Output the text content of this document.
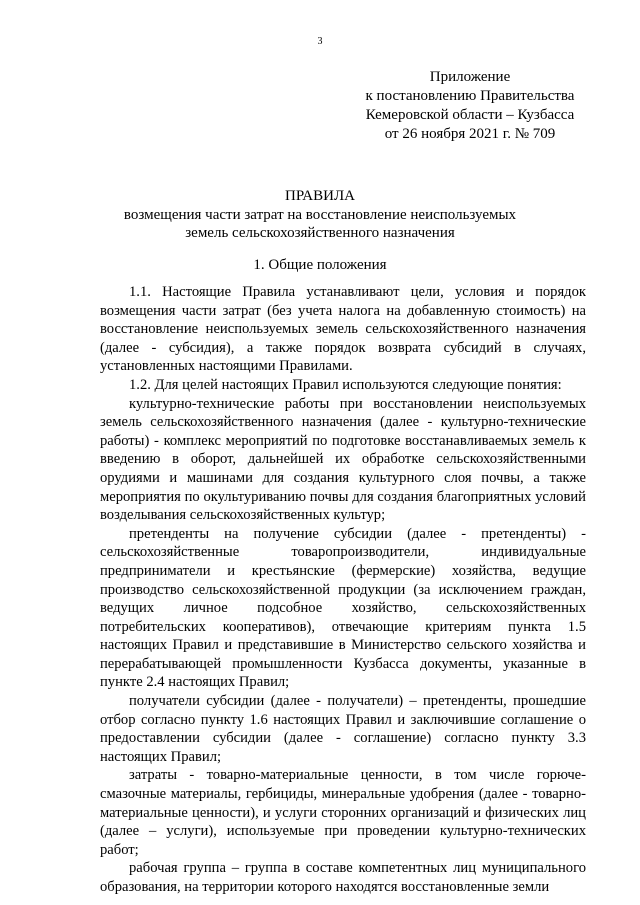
3
Приложение
к постановлению Правительства
Кемеровской области – Кузбасса
от 26 ноября 2021 г. № 709
ПРАВИЛА
возмещения части затрат на восстановление неиспользуемых
земель сельскохозяйственного назначения
1. Общие положения

1.1. Настоящие Правила устанавливают цели, условия и порядок возмещения части затрат (без учета налога на добавленную стоимость) на восстановление неиспользуемых земель сельскохозяйственного назначения (далее - субсидия), а также порядок возврата субсидий в случаях, установленных настоящими Правилами.

1.2. Для целей настоящих Правил используются следующие понятия:

культурно-технические работы при восстановлении неиспользуемых земель сельскохозяйственного назначения (далее - культурно-технические работы) - комплекс мероприятий по подготовке восстанавливаемых земель к введению в оборот, дальнейшей их обработке сельскохозяйственными орудиями и машинами для создания культурного слоя почвы, а также мероприятия по окультуриванию почвы для создания благоприятных условий возделывания сельскохозяйственных культур;

претенденты на получение субсидии (далее - претенденты) - сельскохозяйственные товаропроизводители, индивидуальные предприниматели и крестьянские (фермерские) хозяйства, ведущие производство сельскохозяйственной продукции (за исключением граждан, ведущих личное подсобное хозяйство, сельскохозяйственных потребительских кооперативов), отвечающие критериям пункта 1.5 настоящих Правил и представившие в Министерство сельского хозяйства и перерабатывающей промышленности Кузбасса документы, указанные в пункте 2.4 настоящих Правил;

получатели субсидии (далее - получатели) – претенденты, прошедшие отбор согласно пункту 1.6 настоящих Правил и заключившие соглашение о предоставлении субсидии (далее - соглашение) согласно пункту 3.3 настоящих Правил;

затраты - товарно-материальные ценности, в том числе горюче-смазочные материалы, гербициды, минеральные удобрения (далее - товарно-материальные ценности), и услуги сторонних организаций и физических лиц (далее – услуги), используемые при проведении культурно-технических работ;

рабочая группа – группа в составе компетентных лиц муниципального образования, на территории которого находятся восстановленные земли
